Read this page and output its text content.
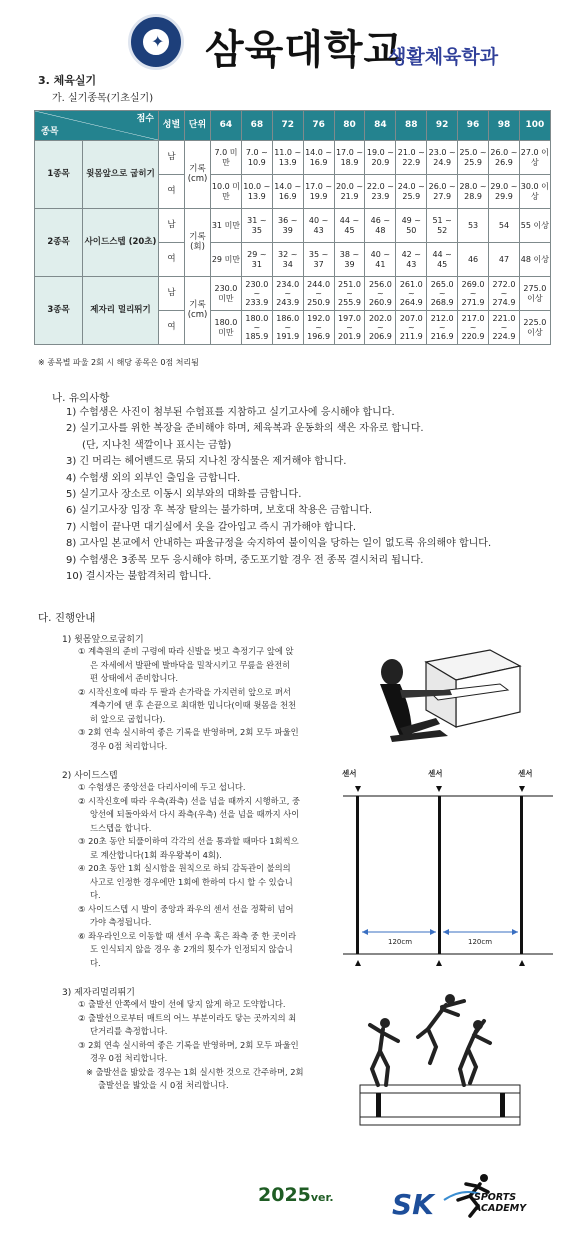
✦ 삼육대학교
생활체육학과
3. 체육실기
가. 실기종목(기초실기)
점수
종목		성별	단위	64	68	72	76	80	84	88	92	96	98	100
1종목	윗몸앞으로 굽히기	남	기록 (cm)	7.0 미만	7.0 ~ 10.9	11.0 ~ 13.9	14.0 ~ 16.9	17.0 ~ 18.9	19.0 ~ 20.9	21.0 ~ 22.9	23.0 ~ 24.9	25.0 ~ 25.9	26.0 ~ 26.9	27.0 이상
		여		10.0 미만	10.0 ~ 13.9	14.0 ~ 16.9	17.0 ~ 19.9	20.0 ~ 21.9	22.0 ~ 23.9	24.0 ~ 25.9	26.0 ~ 27.9	28.0 ~ 28.9	29.0 ~ 29.9	30.0 이상
2종목	사이드스텝 (20초)	남	기록 (회)	31 미만	31 ~ 35	36 ~ 39	40 ~ 43	44 ~ 45	46 ~ 48	49 ~ 50	51 ~ 52	53	54	55 이상
		여		29 미만	29 ~ 31	32 ~ 34	35 ~ 37	38 ~ 39	40 ~ 41	42 ~ 43	44 ~ 45	46	47	48 이상
3종목	제자리 멀리뛰기	남	기록 (cm)	230.0 미만	230.0 ~ 233.9	234.0 ~ 243.9	244.0 ~ 250.9	251.0 ~ 255.9	256.0 ~ 260.9	261.0 ~ 264.9	265.0 ~ 268.9	269.0 ~ 271.9	272.0 ~ 274.9	275.0 이상
		여		180.0 미만	180.0 ~ 185.9	186.0 ~ 191.9	192.0 ~ 196.9	197.0 ~ 201.9	202.0 ~ 206.9	207.0 ~ 211.9	212.0 ~ 216.9	217.0 ~ 220.9	221.0 ~ 224.9	225.0 이상
※ 종목별 파울 2회 시 해당 종목은 0점 처리됨
나. 유의사항
1) 수험생은 사진이 첨부된 수험표를 지참하고 실기고사에 응시해야 합니다.
2) 실기고사를 위한 복장을 준비해야 하며, 체육복과 운동화의 색은 자유로 합니다.
(단, 지나친 색깔이나 표시는 금함)
3) 긴 머리는 헤어밴드로 묶되 지나친 장식물은 제거해야 합니다.
4) 수험생 외의 외부인 출입을 금합니다.
5) 실기고사 장소로 이동시 외부와의 대화를 금합니다.
6) 실기고사장 입장 후 복장 탈의는 불가하며, 보호대 착용은 금합니다.
7) 시험이 끝나면 대기실에서 옷을 갈아입고 즉시 귀가해야 합니다.
8) 고사일 본교에서 안내하는 파울규정을 숙지하여 불이익을 당하는 일이 없도록 유의해야 합니다.
9) 수험생은 3종목 모두 응시해야 하며, 중도포기할 경우 전 종목 결시처리 됩니다.
10) 결시자는 불합격처리 합니다.
다. 진행안내
1) 윗몸앞으로굽히기
① 계측원의 준비 구령에 따라 신발을 벗고 측정기구 앞에 앉은 자세에서 발판에 발바닥을 밀착시키고 무릎을 완전히 편 상태에서 준비합니다.
② 시작신호에 따라 두 팔과 손가락을 가지런히 앞으로 펴서 계측기에 댄 후 손끝으로 최대한 밉니다(이때 윗몸을 천천히 앞으로 굽힙니다).
③ 2회 연속 실시하여 좋은 기록을 반영하며, 2회 모두 파울인 경우 0점 처리합니다.
2) 사이드스텝
① 수험생은 중앙선을 다리사이에 두고 섭니다.
② 시작신호에 따라 우측(좌측) 선을 넘을 때까지 시행하고, 중앙선에 되돌아와서 다시 좌측(우측) 선을 넘을 때까지 사이드스텝을 합니다.
③ 20초 동안 되풀이하여 각각의 선을 통과할 때마다 1회씩으로 계산합니다(1회 좌우왕복이 4회).
④ 20초 동안 1회 실시함을 원칙으로 하되 감독관이 불의의 사고로 인정한 경우에만 1회에 한하여 다시 할 수 있습니다.
⑤ 사이드스텝 시 발이 중앙과 좌우의 센서 선을 정확히 넘어가야 측정됩니다.
⑥ 좌우라인으로 이동할 때 센서 우측 혹은 좌측 중 한 곳이라도 인식되지 않을 경우 총 2개의 횟수가 인정되지 않습니다.
센서	센서	센서
120cm	120cm
3) 제자리멀리뛰기
① 출발선 안쪽에서 발이 선에 닿지 않게 하고 도약합니다.
② 출발선으로부터 매트의 어느 부분이라도 닿는 곳까지의 최단거리를 측정합니다.
③ 2회 연속 실시하여 좋은 기록을 반영하며, 2회 모두 파울인 경우 0점 처리합니다.
※ 출발선을 밟았을 경우는 1회 실시한 것으로 간주하며, 2회 출발선을 밟았을 시 0점 처리합니다.
2025ver. SK	SPORTS
ACADEMY
